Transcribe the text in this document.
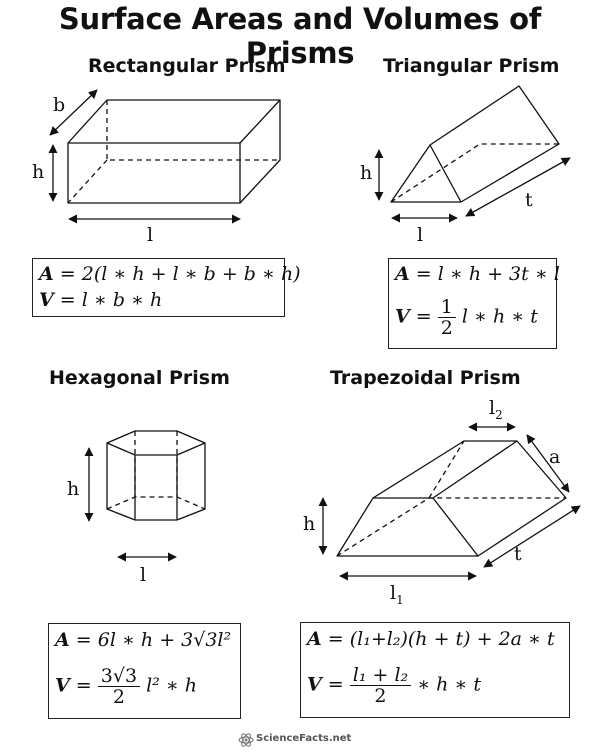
Surface Areas and Volumes of Prisms
Rectangular Prism	Triangular Prism
Hexagonal Prism	Trapezoidal Prism
b
h
l
h
l
t
h
l
$l_2$
a
h
t
$l_1$
A = 2(l ∗ h + l ∗ b + b ∗ h)
V = l ∗ b ∗ h
A = l ∗ h + 3t ∗ l
$V = \frac{1}{2}$ l ∗ h ∗ t
A = 6l ∗ h + 3√3l²
$V = \frac{3√3}{2} l^2$ ∗ h
A = (l₁+l₂)(h + t) + 2a ∗ t
$V = \frac{\text{l₁ + l₂}}{2}$ ∗ h ∗ t
ScienceFacts.net
